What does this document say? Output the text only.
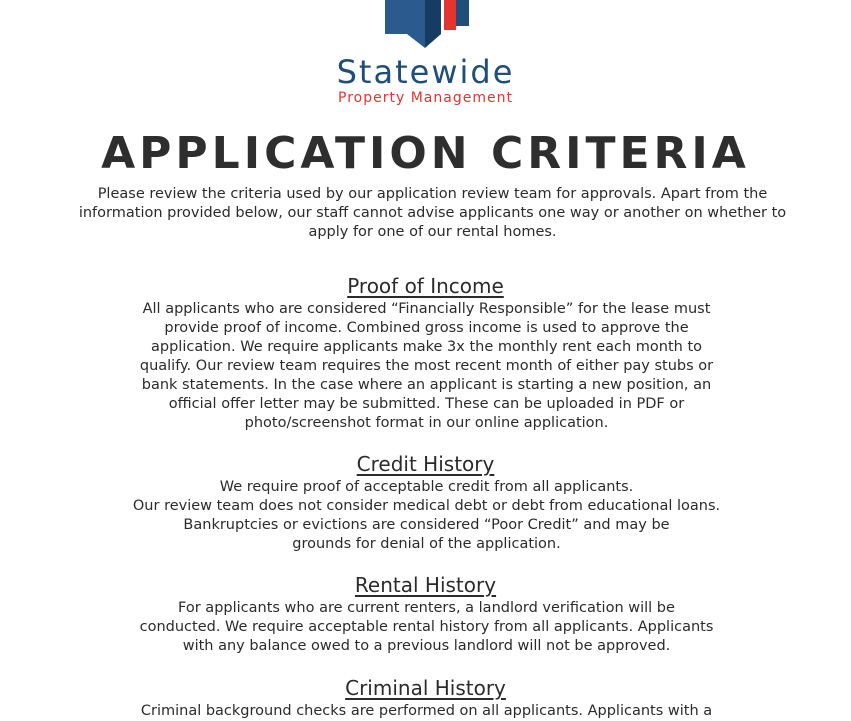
Statewide
Property Management
APPLICATION CRITERIA

Please review the criteria used by our application review team for approvals. Apart from the information provided below, our staff cannot advise applicants one way or another on whether to apply for one of our rental homes.

Proof of Income

All applicants who are considered “Financially Responsible” for the lease must provide proof of income. Combined gross income is used to approve the application. We require applicants make 3x the monthly rent each month to qualify. Our review team requires the most recent month of either pay stubs or bank statements. In the case where an applicant is starting a new position, an official offer letter may be submitted. These can be uploaded in PDF or photo/screenshot format in our online application.

Credit History
We require proof of acceptable credit from all applicants.
Our review team does not consider medical debt or debt from educational loans.
Bankruptcies or evictions are considered “Poor Credit” and may be grounds for denial of the application.
Rental History

For applicants who are current renters, a landlord verification will be conducted. We require acceptable rental history from all applicants. Applicants with any balance owed to a previous landlord will not be approved.

Criminal History

Criminal background checks are performed on all applicants. Applicants with a
